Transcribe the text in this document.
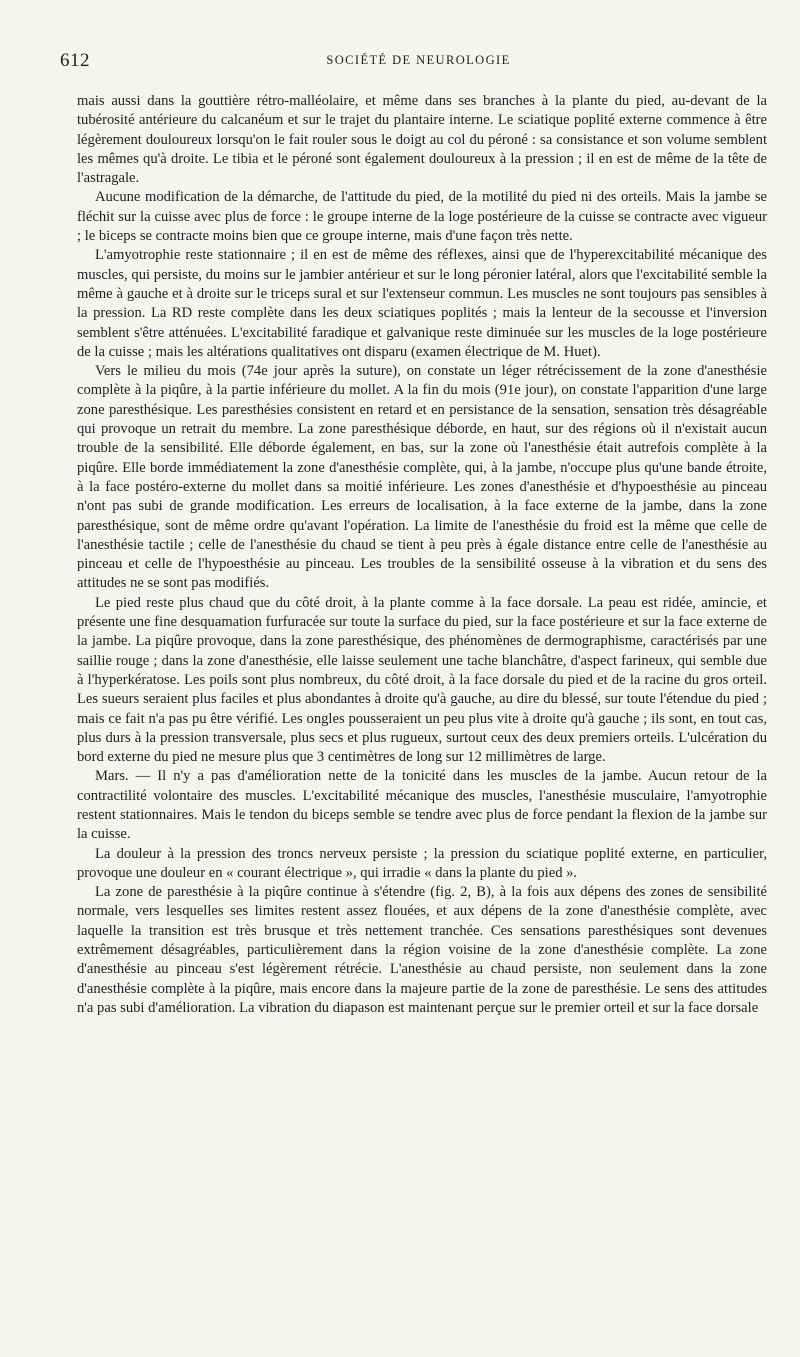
612	SOCIÉTÉ DE NEUROLOGIE

mais aussi dans la gouttière rétro-malléolaire, et même dans ses branches à la plante du pied, au-devant de la tubérosité antérieure du calcanéum et sur le trajet du plantaire interne. Le sciatique poplité externe commence à être légèrement douloureux lorsqu'on le fait rouler sous le doigt au col du péroné : sa consistance et son volume semblent les mêmes qu'à droite. Le tibia et le péroné sont également douloureux à la pression ; il en est de même de la tête de l'astragale.

Aucune modification de la démarche, de l'attitude du pied, de la motilité du pied ni des orteils. Mais la jambe se fléchit sur la cuisse avec plus de force : le groupe interne de la loge postérieure de la cuisse se contracte avec vigueur ; le biceps se contracte moins bien que ce groupe interne, mais d'une façon très nette.

L'amyotrophie reste stationnaire ; il en est de même des réflexes, ainsi que de l'hyperexcitabilité mécanique des muscles, qui persiste, du moins sur le jambier antérieur et sur le long péronier latéral, alors que l'excitabilité semble la même à gauche et à droite sur le triceps sural et sur l'extenseur commun. Les muscles ne sont toujours pas sensibles à la pression. La RD reste complète dans les deux sciatiques poplités ; mais la lenteur de la secousse et l'inversion semblent s'être atténuées. L'excitabilité faradique et galvanique reste diminuée sur les muscles de la loge postérieure de la cuisse ; mais les altérations qualitatives ont disparu (examen électrique de M. Huet).

Vers le milieu du mois (74e jour après la suture), on constate un léger rétrécissement de la zone d'anesthésie complète à la piqûre, à la partie inférieure du mollet. A la fin du mois (91e jour), on constate l'apparition d'une large zone paresthésique. Les paresthésies consistent en retard et en persistance de la sensation, sensation très désagréable qui provoque un retrait du membre. La zone paresthésique déborde, en haut, sur des régions où il n'existait aucun trouble de la sensibilité. Elle déborde également, en bas, sur la zone où l'anesthésie était autrefois complète à la piqûre. Elle borde immédiatement la zone d'anesthésie complète, qui, à la jambe, n'occupe plus qu'une bande étroite, à la face postéro-externe du mollet dans sa moitié inférieure. Les zones d'anesthésie et d'hypoesthésie au pinceau n'ont pas subi de grande modification. Les erreurs de localisation, à la face externe de la jambe, dans la zone paresthésique, sont de même ordre qu'avant l'opération. La limite de l'anesthésie du froid est la même que celle de l'anesthésie tactile ; celle de l'anesthésie du chaud se tient à peu près à égale distance entre celle de l'anesthésie au pinceau et celle de l'hypoesthésie au pinceau. Les troubles de la sensibilité osseuse à la vibration et du sens des attitudes ne se sont pas modifiés.

Le pied reste plus chaud que du côté droit, à la plante comme à la face dorsale. La peau est ridée, amincie, et présente une fine desquamation furfuracée sur toute la surface du pied, sur la face postérieure et sur la face externe de la jambe. La piqûre provoque, dans la zone paresthésique, des phénomènes de dermographisme, caractérisés par une saillie rouge ; dans la zone d'anesthésie, elle laisse seulement une tache blanchâtre, d'aspect farineux, qui semble due à l'hyperkératose. Les poils sont plus nombreux, du côté droit, à la face dorsale du pied et de la racine du gros orteil. Les sueurs seraient plus faciles et plus abondantes à droite qu'à gauche, au dire du blessé, sur toute l'étendue du pied ; mais ce fait n'a pas pu être vérifié. Les ongles pousseraient un peu plus vite à droite qu'à gauche ; ils sont, en tout cas, plus durs à la pression transversale, plus secs et plus rugueux, surtout ceux des deux premiers orteils. L'ulcération du bord externe du pied ne mesure plus que 3 centimètres de long sur 12 millimètres de large.

Mars. — Il n'y a pas d'amélioration nette de la tonicité dans les muscles de la jambe. Aucun retour de la contractilité volontaire des muscles. L'excitabilité mécanique des muscles, l'anesthésie musculaire, l'amyotrophie restent stationnaires. Mais le tendon du biceps semble se tendre avec plus de force pendant la flexion de la jambe sur la cuisse.

La douleur à la pression des troncs nerveux persiste ; la pression du sciatique poplité externe, en particulier, provoque une douleur en « courant électrique », qui irradie « dans la plante du pied ».

La zone de paresthésie à la piqûre continue à s'étendre (fig. 2, B), à la fois aux dépens des zones de sensibilité normale, vers lesquelles ses limites restent assez flouées, et aux dépens de la zone d'anesthésie complète, avec laquelle la transition est très brusque et très nettement tranchée. Ces sensations paresthésiques sont devenues extrêmement désagréables, particulièrement dans la région voisine de la zone d'anesthésie complète. La zone d'anesthésie au pinceau s'est légèrement rétrécie. L'anesthésie au chaud persiste, non seulement dans la zone d'anesthésie complète à la piqûre, mais encore dans la majeure partie de la zone de paresthésie. Le sens des attitudes n'a pas subi d'amélioration. La vibration du diapason est maintenant perçue sur le premier orteil et sur la face dorsale
